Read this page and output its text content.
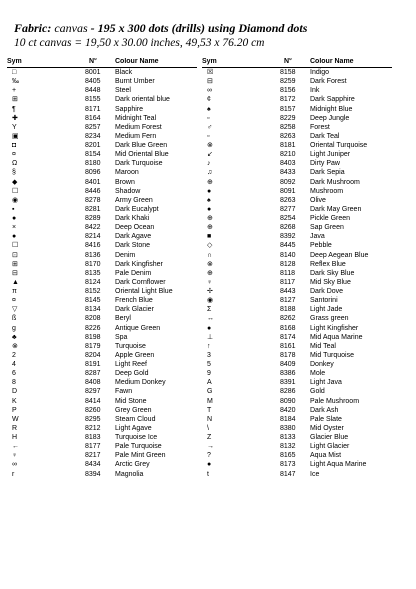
Fabric: canvas - 195 x 300 dots (drills) using Diamond dots
10 ct canvas = 19,50 x 30.00 inches, 49,53 x 76.20 cm
Sym	N°	Colour Name
□	8001	Black
‰	8405	Burnt Umber
+	8448	Steel
⊞	8155	Dark oriental blue
¶	8171	Sapphire
✚	8164	Midnight Teal
Y	8257	Medium Forest
▣	8234	Medium Fern
◘	8201	Dark Blue Green
¤	8154	Mid Oriental Blue
Ω	8180	Dark Turquoise
§	8096	Maroon
◆	8401	Brown
☐	8446	Shadow
◉	8278	Army Green
▪	8281	Dark Eucalypt
●	8289	Dark Khaki
×	8422	Deep Ocean
●	8214	Dark Agave
☐	8416	Dark Stone
⊡	8136	Denim
⊞	8170	Dark Kingfisher
⊟	8135	Pale Denim
▲	8124	Dark Cornflower
π	8152	Oriental Light Blue
¤	8145	French Blue
▽	8134	Dark Glacier
ß	8208	Beryl
g	8226	Antique Green
♣	8198	Spa
⊗	8179	Turquoise
2	8204	Apple Green
4	8191	Light Reef
6	8287	Deep Gold
8	8408	Medium Donkey
D	8297	Fawn
K	8414	Mid Stone
P	8260	Grey Green
W	8295	Steam Cloud
R	8212	Light Agave
H	8183	Turquoise Ice
←	8177	Pale Turquoise
♀	8217	Pale Mint Green
∞	8434	Arctic Grey
r	8394	Magnolia
Sym	N°	Colour Name
☒	8158	Indigo
⊟	8259	Dark Forest
∞	8156	Ink
¢	8172	Dark Sapphire
♠	8157	Midnight Blue
▫	8229	Deep Jungle
♂	8258	Forest
▫	8263	Dark Teal
⊗	8181	Oriental Turquoise
↙	8210	Light Juniper
♪	8403	Dirty Paw
♫	8433	Dark Sepia
⊕	8092	Dark Mushroom
●	8091	Mushroom
♠	8263	Olive
●	8277	Dark May Green
⊕	8254	Pickle Green
⊕	8268	Sap Green
■	8392	Java
◇	8445	Pebble
∩	8140	Deep Aegean Blue
⊗	8128	Reflex Blue
⊕	8118	Dark Sky Blue
♀	8117	Mid Sky Blue
✢	8443	Dark Dove
◉	8127	Santorini
Σ	8188	Light Jade
↔	8262	Grass green
●	8168	Light Kingfisher
⊥	8174	Mid Aqua Marine
↑	8161	Mid Teal
3	8178	Mid Turquoise
5	8409	Donkey
9	8386	Mole
A	8391	Light Java
G	8286	Gold
M	8090	Pale Mushroom
T	8420	Dark Ash
N	8184	Pale Slate
\	8380	Mid Oyster
Z	8133	Glacier Blue
→	8132	Light Glacier
?	8165	Aqua Mist
●	8173	Light Aqua Marine
t	8147	Ice
